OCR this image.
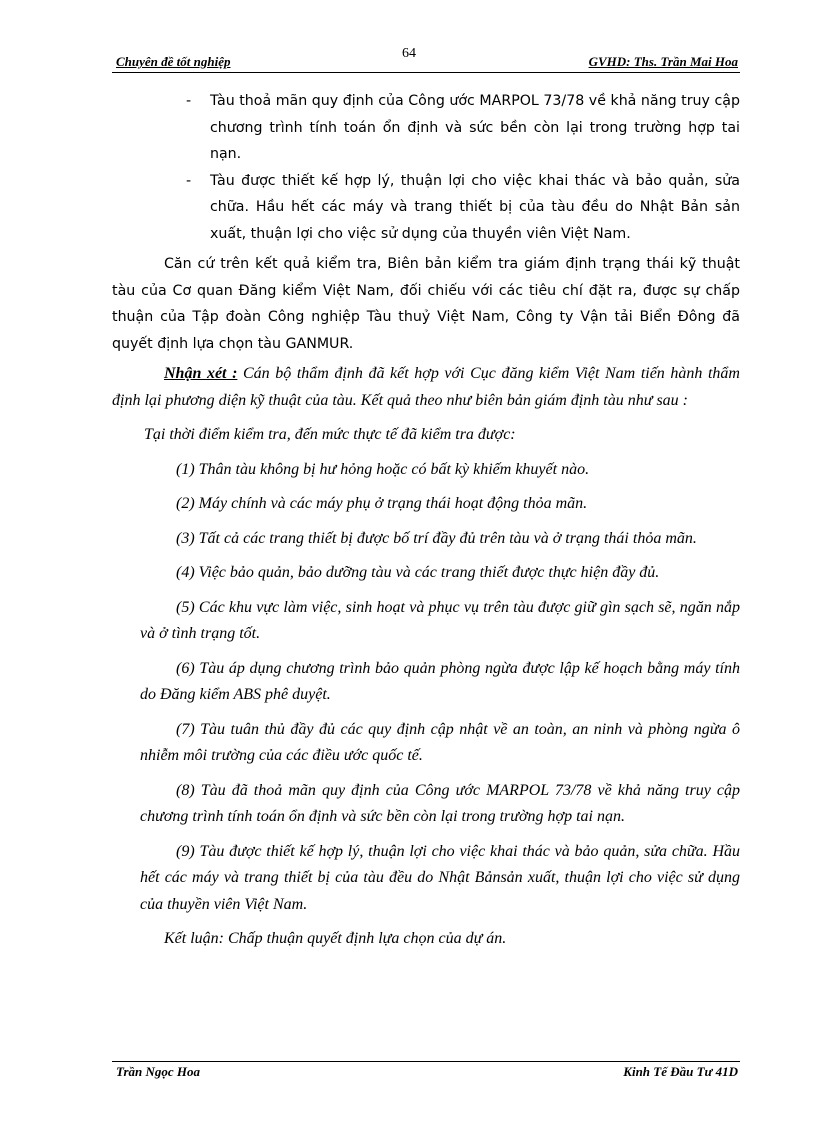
Chuyên đề tốt nghiệp
64
GVHD: Ths. Trần Mai Hoa

- Tàu thoả mãn quy định của Công ước MARPOL 73/78 về khả năng truy cập chương trình tính toán ổn định và sức bền còn lại trong trường hợp tai nạn.

- Tàu được thiết kế hợp lý, thuận lợi cho việc khai thác và bảo quản, sửa chữa. Hầu hết các máy và trang thiết bị của tàu đều do Nhật Bản sản xuất, thuận lợi cho việc sử dụng của thuyền viên Việt Nam.

Căn cứ trên kết quả kiểm tra, Biên bản kiểm tra giám định trạng thái kỹ thuật tàu của Cơ quan Đăng kiểm Việt Nam, đối chiếu với các tiêu chí đặt ra, được sự chấp thuận của Tập đoàn Công nghiệp Tàu thuỷ Việt Nam, Công ty Vận tải Biển Đông đã quyết định lựa chọn tàu GANMUR.

Nhận xét : Cán bộ thẩm định đã kết hợp với Cục đăng kiểm Việt Nam tiến hành thẩm định lại phương diện kỹ thuật của tàu. Kết quả theo như biên bản giám định tàu như sau :

Tại thời điểm kiểm tra, đến mức thực tế đã kiểm tra được:

(1) Thân tàu không bị hư hỏng hoặc có bất kỳ khiếm khuyết nào.

(2) Máy chính và các máy phụ ở trạng thái hoạt động thỏa mãn.

(3) Tất cả các trang thiết bị được bố trí đầy đủ trên tàu và ở trạng thái thỏa mãn.

(4) Việc bảo quản, bảo dưỡng tàu và các trang thiết được thực hiện đầy đủ.

(5) Các khu vực làm việc, sinh hoạt và phục vụ trên tàu được giữ gìn sạch sẽ, ngăn nắp và ở tình trạng tốt.

(6) Tàu áp dụng chương trình bảo quản phòng ngừa được lập kế hoạch bằng máy tính do Đăng kiểm ABS phê duyệt.

(7) Tàu tuân thủ đầy đủ các quy định cập nhật về an toàn, an ninh và phòng ngừa ô nhiễm môi trường của các điều ước quốc tế.

(8) Tàu đã thoả mãn quy định của Công ước MARPOL 73/78 về khả năng truy cập chương trình tính toán ổn định và sức bền còn lại trong trường hợp tai nạn.

(9) Tàu được thiết kế hợp lý, thuận lợi cho việc khai thác và bảo quản, sửa chữa. Hầu hết các máy và trang thiết bị của tàu đều do Nhật Bảnsản xuất, thuận lợi cho việc sử dụng của thuyền viên Việt Nam.

Kết luận: Chấp thuận quyết định lựa chọn của dự án.

Trần Ngọc Hoa	Kinh Tế Đầu Tư 41D
